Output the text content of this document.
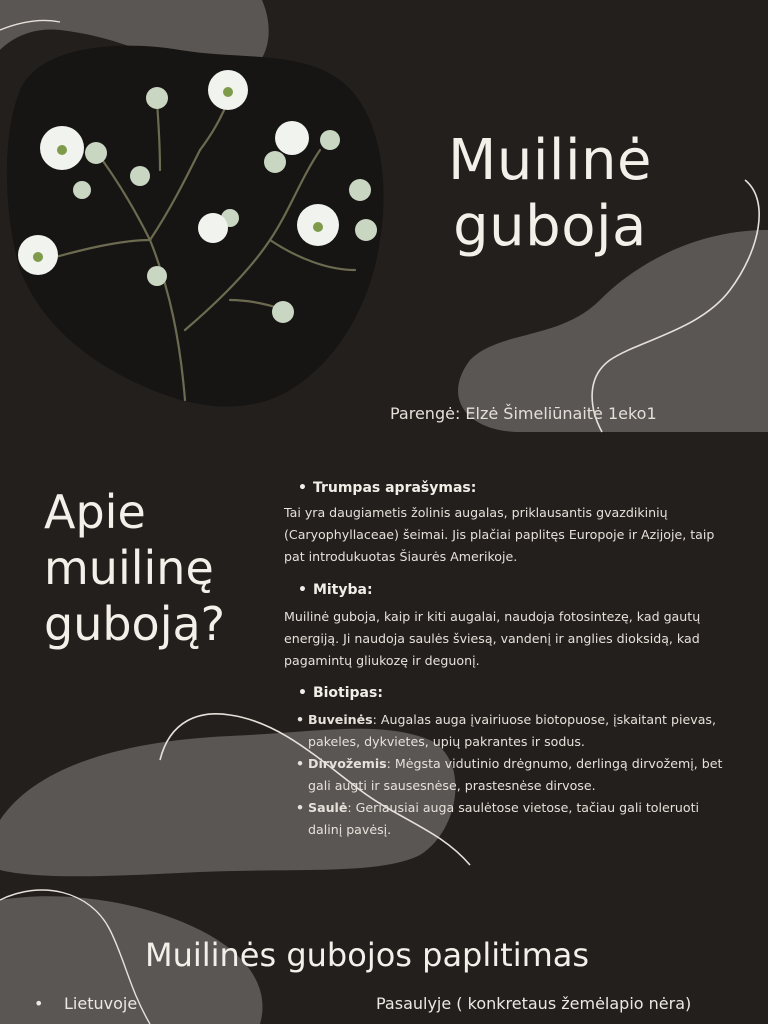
Muilinė
guboja
Parengė: Elzė Šimeliūnaitė 1eko1
Apie
muilinę
guboją?
• Trumpas aprašymas:
Tai yra daugiametis žolinis augalas, priklausantis gvazdikinių (Caryophyllaceae) šeimai. Jis plačiai paplitęs Europoje ir Azijoje, taip pat introdukuotas Šiaurės Amerikoje.
• Mityba:
Muilinė guboja, kaip ir kiti augalai, naudoja fotosintezę, kad gautų energiją. Ji naudoja saulės šviesą, vandenį ir anglies dioksidą, kad pagamintų gliukozę ir deguonį.
• Biotipas:
• Buveinės: Augalas auga įvairiuose biotopuose, įskaitant pievas, pakeles, dykvietes, upių pakrantes ir sodus.
• Dirvožemis: Mėgsta vidutinio drėgnumo, derlingą dirvožemį, bet gali augti ir sausesnėse, prastesnėse dirvose.
• Saulė: Geriausiai auga saulėtose vietose, tačiau gali toleruoti dalinį pavėsį.
Muilinės gubojos paplitimas
• Lietuvoje	Pasaulyje ( konkretaus žemėlapio nėra)
